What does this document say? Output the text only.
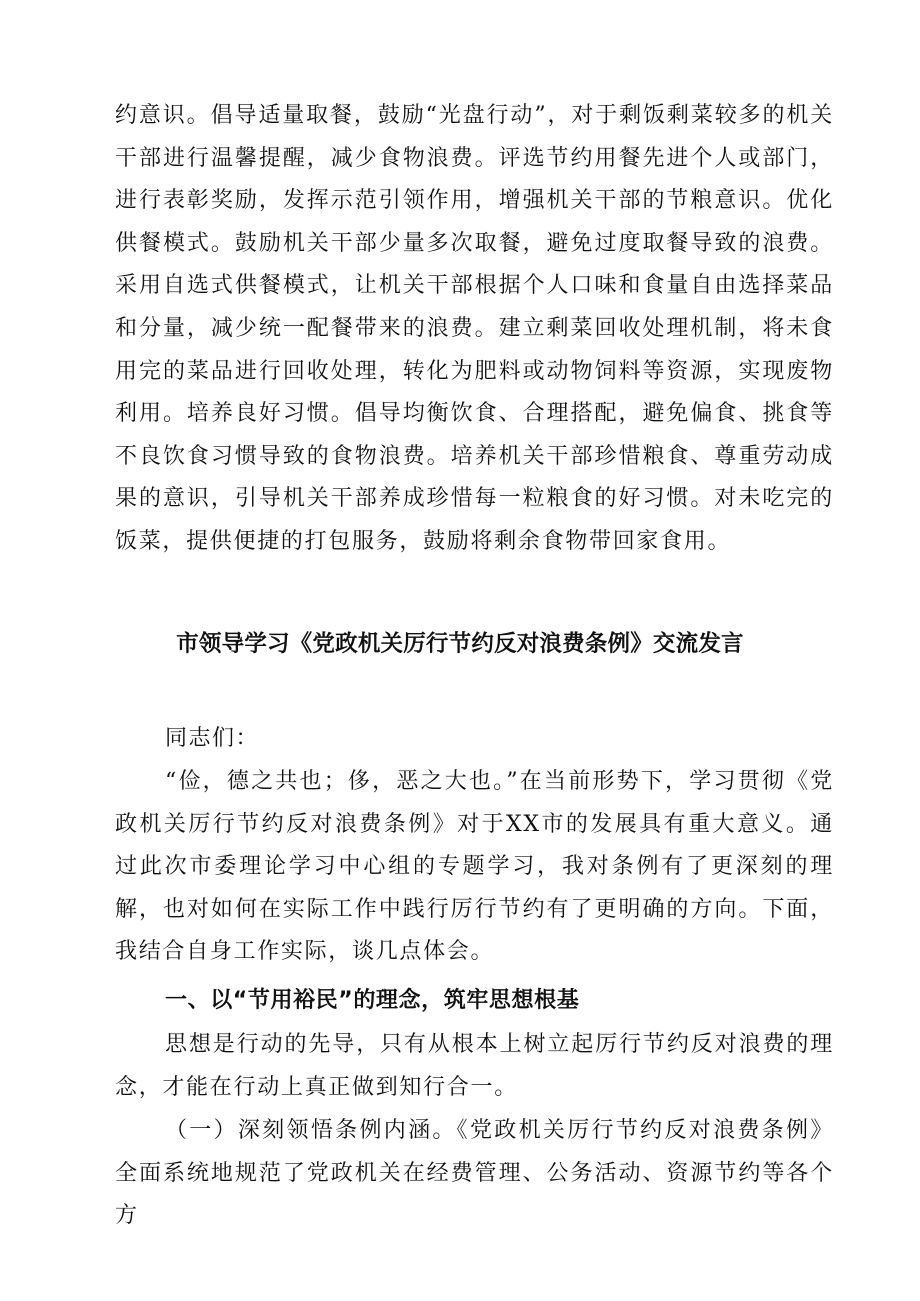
约意识。倡导适量取餐，鼓励“光盘行动”，对于剩饭剩菜较多的机关干部进行温馨提醒，减少食物浪费。评选节约用餐先进个人或部门，进行表彰奖励，发挥示范引领作用，增强机关干部的节粮意识。优化供餐模式。鼓励机关干部少量多次取餐，避免过度取餐导致的浪费。采用自选式供餐模式，让机关干部根据个人口味和食量自由选择菜品和分量，减少统一配餐带来的浪费。建立剩菜回收处理机制，将未食用完的菜品进行回收处理，转化为肥料或动物饲料等资源，实现废物利用。培养良好习惯。倡导均衡饮食、合理搭配，避免偏食、挑食等不良饮食习惯导致的食物浪费。培养机关干部珍惜粮食、尊重劳动成果的意识，引导机关干部养成珍惜每一粒粮食的好习惯。对未吃完的饭菜，提供便捷的打包服务，鼓励将剩余食物带回家食用。

市领导学习《党政机关厉行节约反对浪费条例》交流发言

同志们：

“俭，德之共也；侈，恶之大也。”在当前形势下，学习贯彻《党政机关厉行节约反对浪费条例》对于XX市的发展具有重大意义。通过此次市委理论学习中心组的专题学习，我对条例有了更深刻的理解，也对如何在实际工作中践行厉行节约有了更明确的方向。下面，我结合自身工作实际，谈几点体会。

一、以“节用裕民”的理念，筑牢思想根基

思想是行动的先导，只有从根本上树立起厉行节约反对浪费的理念，才能在行动上真正做到知行合一。

（一）深刻领悟条例内涵。《党政机关厉行节约反对浪费条例》全面系统地规范了党政机关在经费管理、公务活动、资源节约等各个方
